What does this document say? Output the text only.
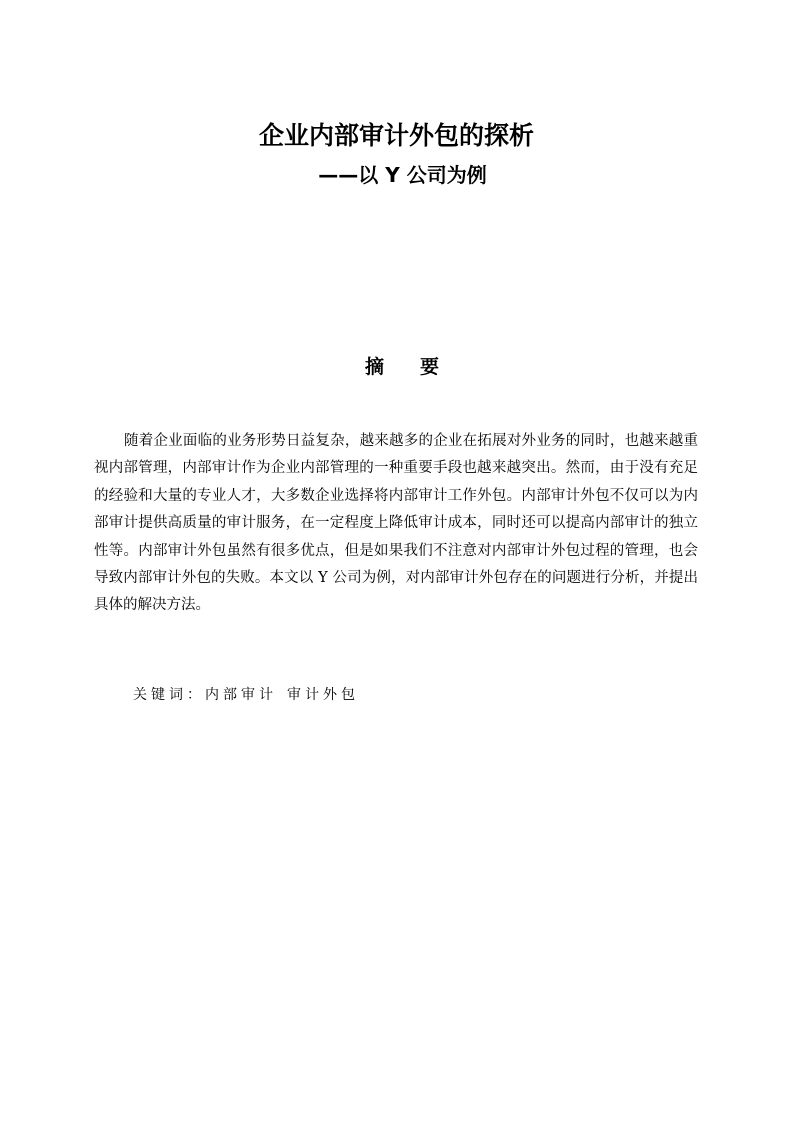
企业内部审计外包的探析
——以 Y 公司为例
摘要

随着企业面临的业务形势日益复杂，越来越多的企业在拓展对外业务的同时，也越来越重视内部管理，内部审计作为企业内部管理的一种重要手段也越来越突出。然而，由于没有充足的经验和大量的专业人才，大多数企业选择将内部审计工作外包。内部审计外包不仅可以为内部审计提供高质量的审计服务，在一定程度上降低审计成本，同时还可以提高内部审计的独立性等。内部审计外包虽然有很多优点，但是如果我们不注意对内部审计外包过程的管理，也会导致内部审计外包的失败。本文以 Y 公司为例，对内部审计外包存在的问题进行分析，并提出具体的解决方法。

关键词：内部审计 审计外包
